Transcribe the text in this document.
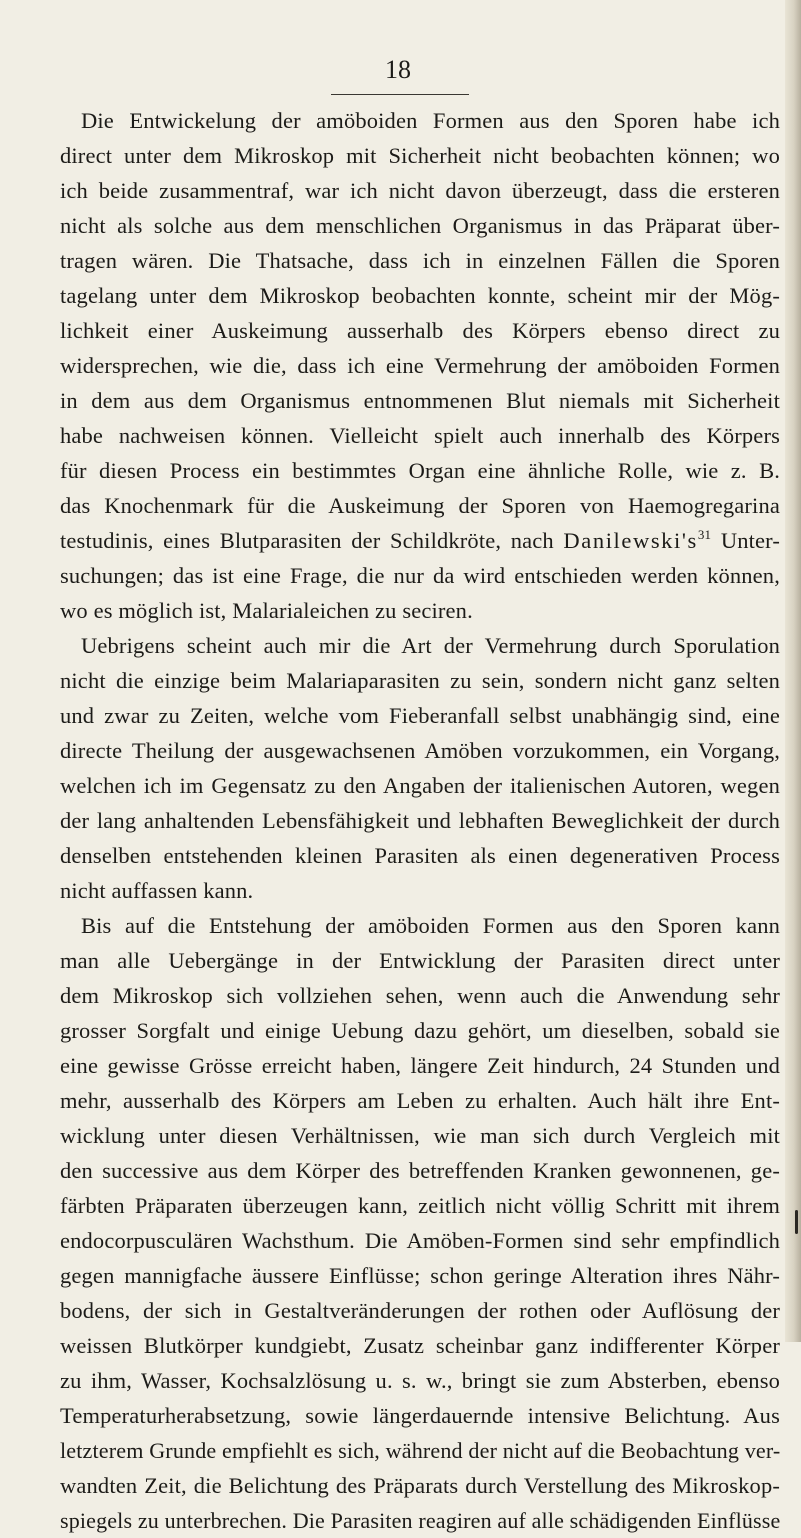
18

Die Entwickelung der amöboiden Formen aus den Sporen habe ich
direct unter dem Mikroskop mit Sicherheit nicht beobachten können; wo
ich beide zusammentraf, war ich nicht davon überzeugt, dass die ersteren
nicht als solche aus dem menschlichen Organismus in das Präparat über-
tragen wären. Die Thatsache, dass ich in einzelnen Fällen die Sporen
tagelang unter dem Mikroskop beobachten konnte, scheint mir der Mög-
lichkeit einer Auskeimung ausserhalb des Körpers ebenso direct zu
widersprechen, wie die, dass ich eine Vermehrung der amöboiden Formen
in dem aus dem Organismus entnommenen Blut niemals mit Sicherheit
habe nachweisen können. Vielleicht spielt auch innerhalb des Körpers
für diesen Process ein bestimmtes Organ eine ähnliche Rolle, wie z. B.
das Knochenmark für die Auskeimung der Sporen von Haemogregarina
testudinis, eines Blutparasiten der Schildkröte, nach $Danilewski's^{31}$ Unter-
suchungen; das ist eine Frage, die nur da wird entschieden werden können,
wo es möglich ist, Malarialeichen zu seciren.

Uebrigens scheint auch mir die Art der Vermehrung durch Sporulation
nicht die einzige beim Malariaparasiten zu sein, sondern nicht ganz selten
und zwar zu Zeiten, welche vom Fieberanfall selbst unabhängig sind, eine
directe Theilung der ausgewachsenen Amöben vorzukommen, ein Vorgang,
welchen ich im Gegensatz zu den Angaben der italienischen Autoren, wegen
der lang anhaltenden Lebensfähigkeit und lebhaften Beweglichkeit der durch
denselben entstehenden kleinen Parasiten als einen degenerativen Process
nicht auffassen kann.

Bis auf die Entstehung der amöboiden Formen aus den Sporen kann
man alle Uebergänge in der Entwicklung der Parasiten direct unter
dem Mikroskop sich vollziehen sehen, wenn auch die Anwendung sehr
grosser Sorgfalt und einige Uebung dazu gehört, um dieselben, sobald sie
eine gewisse Grösse erreicht haben, längere Zeit hindurch, 24 Stunden und
mehr, ausserhalb des Körpers am Leben zu erhalten. Auch hält ihre Ent-
wicklung unter diesen Verhältnissen, wie man sich durch Vergleich mit
den successive aus dem Körper des betreffenden Kranken gewonnenen, ge-
färbten Präparaten überzeugen kann, zeitlich nicht völlig Schritt mit ihrem
endocorpusculären Wachsthum. Die Amöben-Formen sind sehr empfindlich
gegen mannigfache äussere Einflüsse; schon geringe Alteration ihres Nähr-
bodens, der sich in Gestaltveränderungen der rothen oder Auflösung der
weissen Blutkörper kundgiebt, Zusatz scheinbar ganz indifferenter Körper
zu ihm, Wasser, Kochsalzlösung u. s. w., bringt sie zum Absterben, ebenso
Temperaturherabsetzung, sowie längerdauernde intensive Belichtung. Aus
letzterem Grunde empfiehlt es sich, während der nicht auf die Beobachtung ver-
wandten Zeit, die Belichtung des Präparats durch Verstellung des Mikroskop-
spiegels zu unterbrechen. Die Parasiten reagiren auf alle schädigenden Einflüsse
